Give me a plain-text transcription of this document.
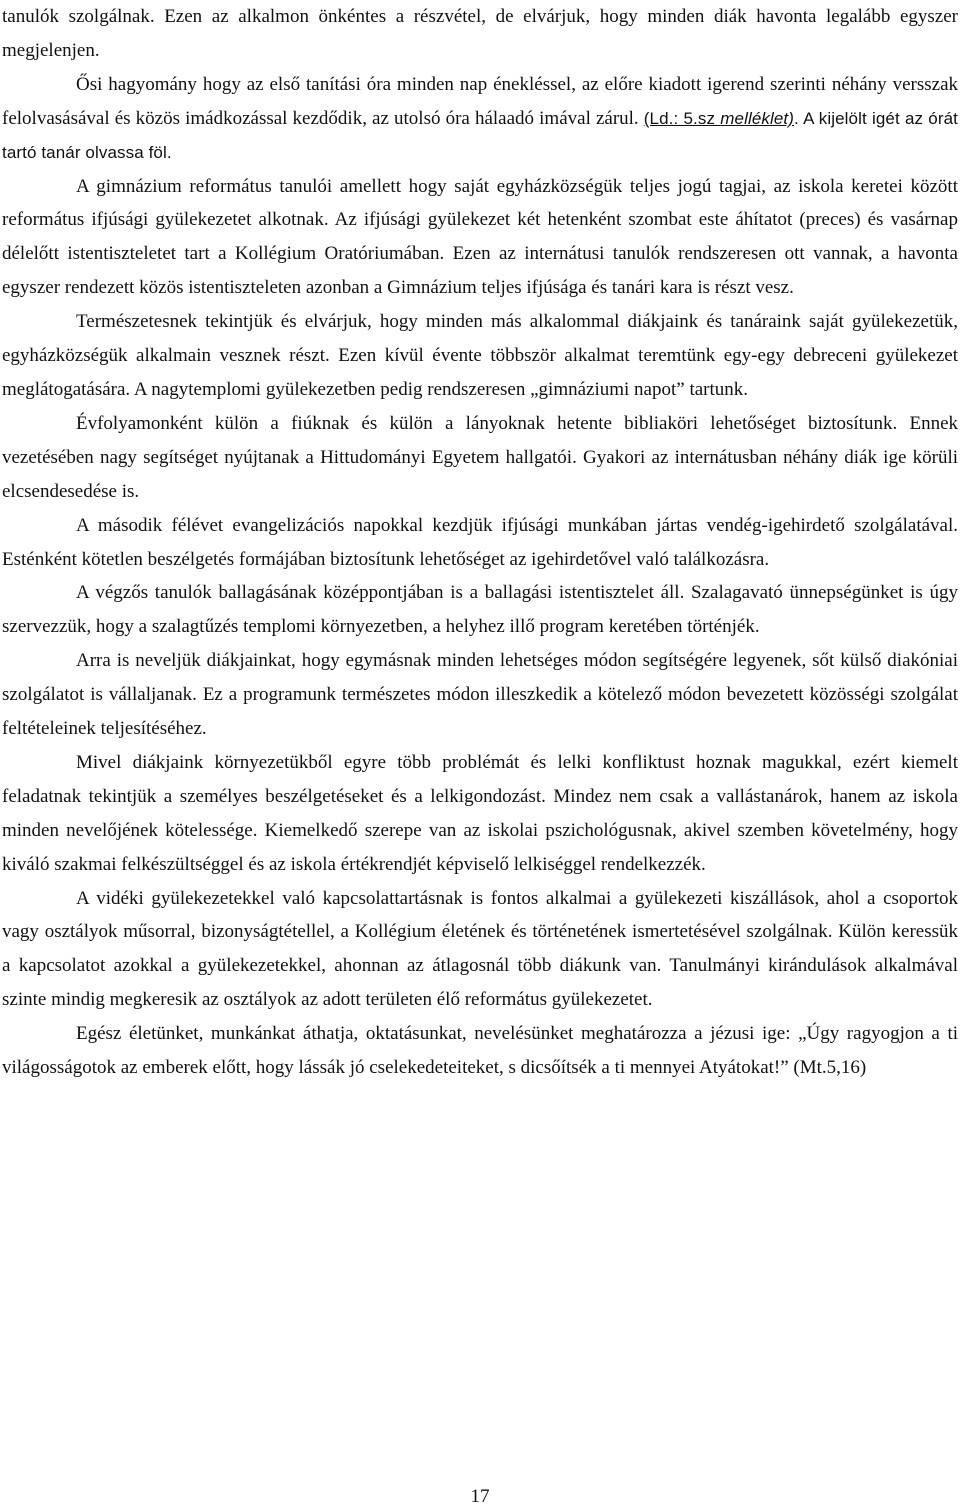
tanulók szolgálnak. Ezen az alkalmon önkéntes a részvétel, de elvárjuk, hogy minden diák havonta legalább egyszer megjelenjen.

Ősi hagyomány hogy az első tanítási óra minden nap énekléssel, az előre kiadott igerend szerinti néhány versszak felolvasásával és közös imádkozással kezdődik, az utolsó óra hálaadó imával zárul. (Ld.: 5.sz melléklet). A kijelölt igét az órát tartó tanár olvassa föl.

A gimnázium református tanulói amellett hogy saját egyházközségük teljes jogú tagjai, az iskola keretei között református ifjúsági gyülekezetet alkotnak. Az ifjúsági gyülekezet két hetenként szombat este áhítatot (preces) és vasárnap délelőtt istentiszteletet tart a Kollégium Oratóriumában. Ezen az internátusi tanulók rendszeresen ott vannak, a havonta egyszer rendezett közös istentiszteleten azonban a Gimnázium teljes ifjúsága és tanári kara is részt vesz.

Természetesnek tekintjük és elvárjuk, hogy minden más alkalommal diákjaink és tanáraink saját gyülekezetük, egyházközségük alkalmain vesznek részt. Ezen kívül évente többször alkalmat teremtünk egy-egy debreceni gyülekezet meglátogatására. A nagytemplomi gyülekezetben pedig rendszeresen „gimnáziumi napot” tartunk.

Évfolyamonként külön a fiúknak és külön a lányoknak hetente bibliaköri lehetőséget biztosítunk. Ennek vezetésében nagy segítséget nyújtanak a Hittudományi Egyetem hallgatói. Gyakori az internátusban néhány diák ige körüli elcsendesedése is.

A második félévet evangelizációs napokkal kezdjük ifjúsági munkában jártas vendég-igehirdető szolgálatával. Esténként kötetlen beszélgetés formájában biztosítunk lehetőséget az igehirdetővel való találkozásra.

A végzős tanulók ballagásának középpontjában is a ballagási istentisztelet áll. Szalagavató ünnepségünket is úgy szervezzük, hogy a szalagtűzés templomi környezetben, a helyhez illő program keretében történjék.

Arra is neveljük diákjainkat, hogy egymásnak minden lehetséges módon segítségére legyenek, sőt külső diakóniai szolgálatot is vállaljanak. Ez a programunk természetes módon illeszkedik a kötelező módon bevezetett közösségi szolgálat feltételeinek teljesítéséhez.

Mivel diákjaink környezetükből egyre több problémát és lelki konfliktust hoznak magukkal, ezért kiemelt feladatnak tekintjük a személyes beszélgetéseket és a lelkigondozást. Mindez nem csak a vallástanárok, hanem az iskola minden nevelőjének kötelessége. Kiemelkedő szerepe van az iskolai pszichológusnak, akivel szemben követelmény, hogy kiváló szakmai felkészültséggel és az iskola értékrendjét képviselő lelkiséggel rendelkezzék.

A vidéki gyülekezetekkel való kapcsolattartásnak is fontos alkalmai a gyülekezeti kiszállások, ahol a csoportok vagy osztályok műsorral, bizonyságtétellel, a Kollégium életének és történetének ismertetésével szolgálnak. Külön keressük a kapcsolatot azokkal a gyülekezetekkel, ahonnan az átlagosnál több diákunk van. Tanulmányi kirándulások alkalmával szinte mindig megkeresik az osztályok az adott területen élő református gyülekezetet.

Egész életünket, munkánkat áthatja, oktatásunkat, nevelésünket meghatározza a jézusi ige: „Úgy ragyogjon a ti világosságotok az emberek előtt, hogy lássák jó cselekedeteiteket, s dicsőítsék a ti mennyei Atyátokat!” (Mt.5,16)

17
